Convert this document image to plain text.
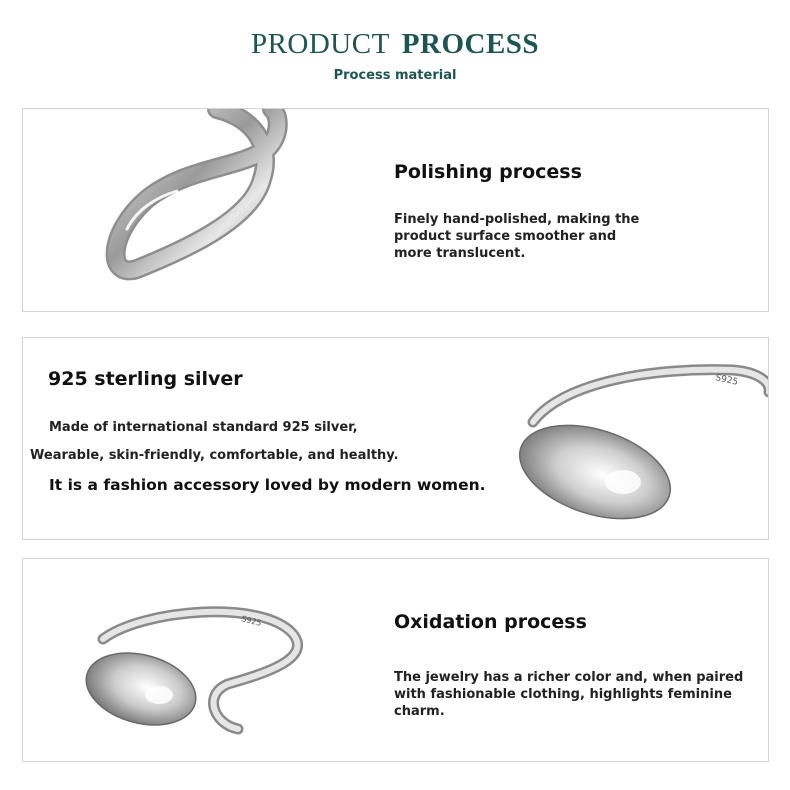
PRODUCT PROCESS
Process material
Polishing process
Finely hand-polished, making the product surface smoother and more translucent.
925 sterling silver
Made of international standard 925 silver,
Wearable, skin-friendly, comfortable, and healthy.
It is a fashion accessory loved by modern women.
S925
S925	Oxidation process
The jewelry has a richer color and, when paired with fashionable clothing, highlights feminine charm.
